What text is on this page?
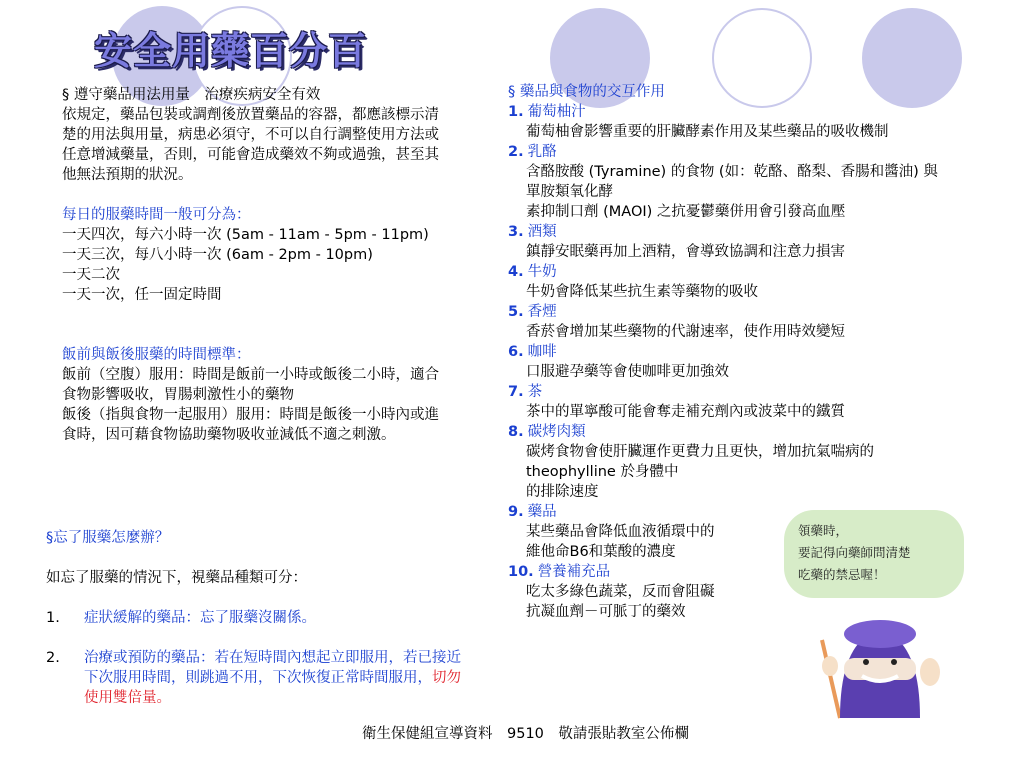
安全用藥百分百

§ 遵守藥品用法用量　治療疾病安全有效

依規定，藥品包裝或調劑後放置藥品的容器，都應該標示清楚的用法與用量，病患必須守，不可以自行調整使用方法或任意增減藥量，否則，可能會造成藥效不夠或過強，甚至其他無法預期的狀況。

每日的服藥時間一般可分為：

一天四次，每六小時一次 (5am - 11am - 5pm - 11pm)

一天三次，每八小時一次 (6am - 2pm - 10pm)

一天二次

一天一次，任一固定時間

飯前與飯後服藥的時間標準：

飯前（空腹）服用：時間是飯前一小時或飯後二小時，適合食物影響吸收，胃腸刺激性小的藥物

飯後（指與食物一起服用）服用：時間是飯後一小時內或進食時，因可藉食物協助藥物吸收並減低不適之刺激。

§忘了服藥怎麼辦？

如忘了服藥的情況下，視藥品種類可分：

1.	症狀緩解的藥品：忘了服藥沒關係。
2.	治療或預防的藥品：若在短時間內想起立即服用，若已接近下次服用時間，則跳過不用，下次恢復正常時間服用，切勿使用雙倍量。

§ 藥品與食物的交互作用

1. 葡萄柚汁
葡萄柚會影響重要的肝臟酵素作用及某些藥品的吸收機制
2. 乳酪
含酪胺酸 (Tyramine) 的食物 (如：乾酪、酪梨、香腸和醬油) 與單胺類氧化酵
素抑制口劑 (MAOI) 之抗憂鬱藥併用會引發高血壓
3. 酒類
鎮靜安眠藥再加上酒精，會導致協調和注意力損害
4. 牛奶
牛奶會降低某些抗生素等藥物的吸收
5. 香煙
香菸會增加某些藥物的代謝速率，使作用時效變短
6. 咖啡
口服避孕藥等會使咖啡更加強效
7. 茶
茶中的單寧酸可能會奪走補充劑內或波菜中的鐵質
8. 碳烤肉類
碳烤食物會使肝臟運作更費力且更快，增加抗氣喘病的 theophylline 於身體中
的排除速度
9. 藥品
某些藥品會降低血液循環中的
維他命B6和葉酸的濃度
10. 營養補充品
吃太多綠色蔬菜，反而會阻礙
抗凝血劑－可脈丁的藥效
領藥時，
要記得向藥師問清楚
吃藥的禁忌喔！
衛生保健組宣導資料　9510　敬請張貼教室公佈欄
